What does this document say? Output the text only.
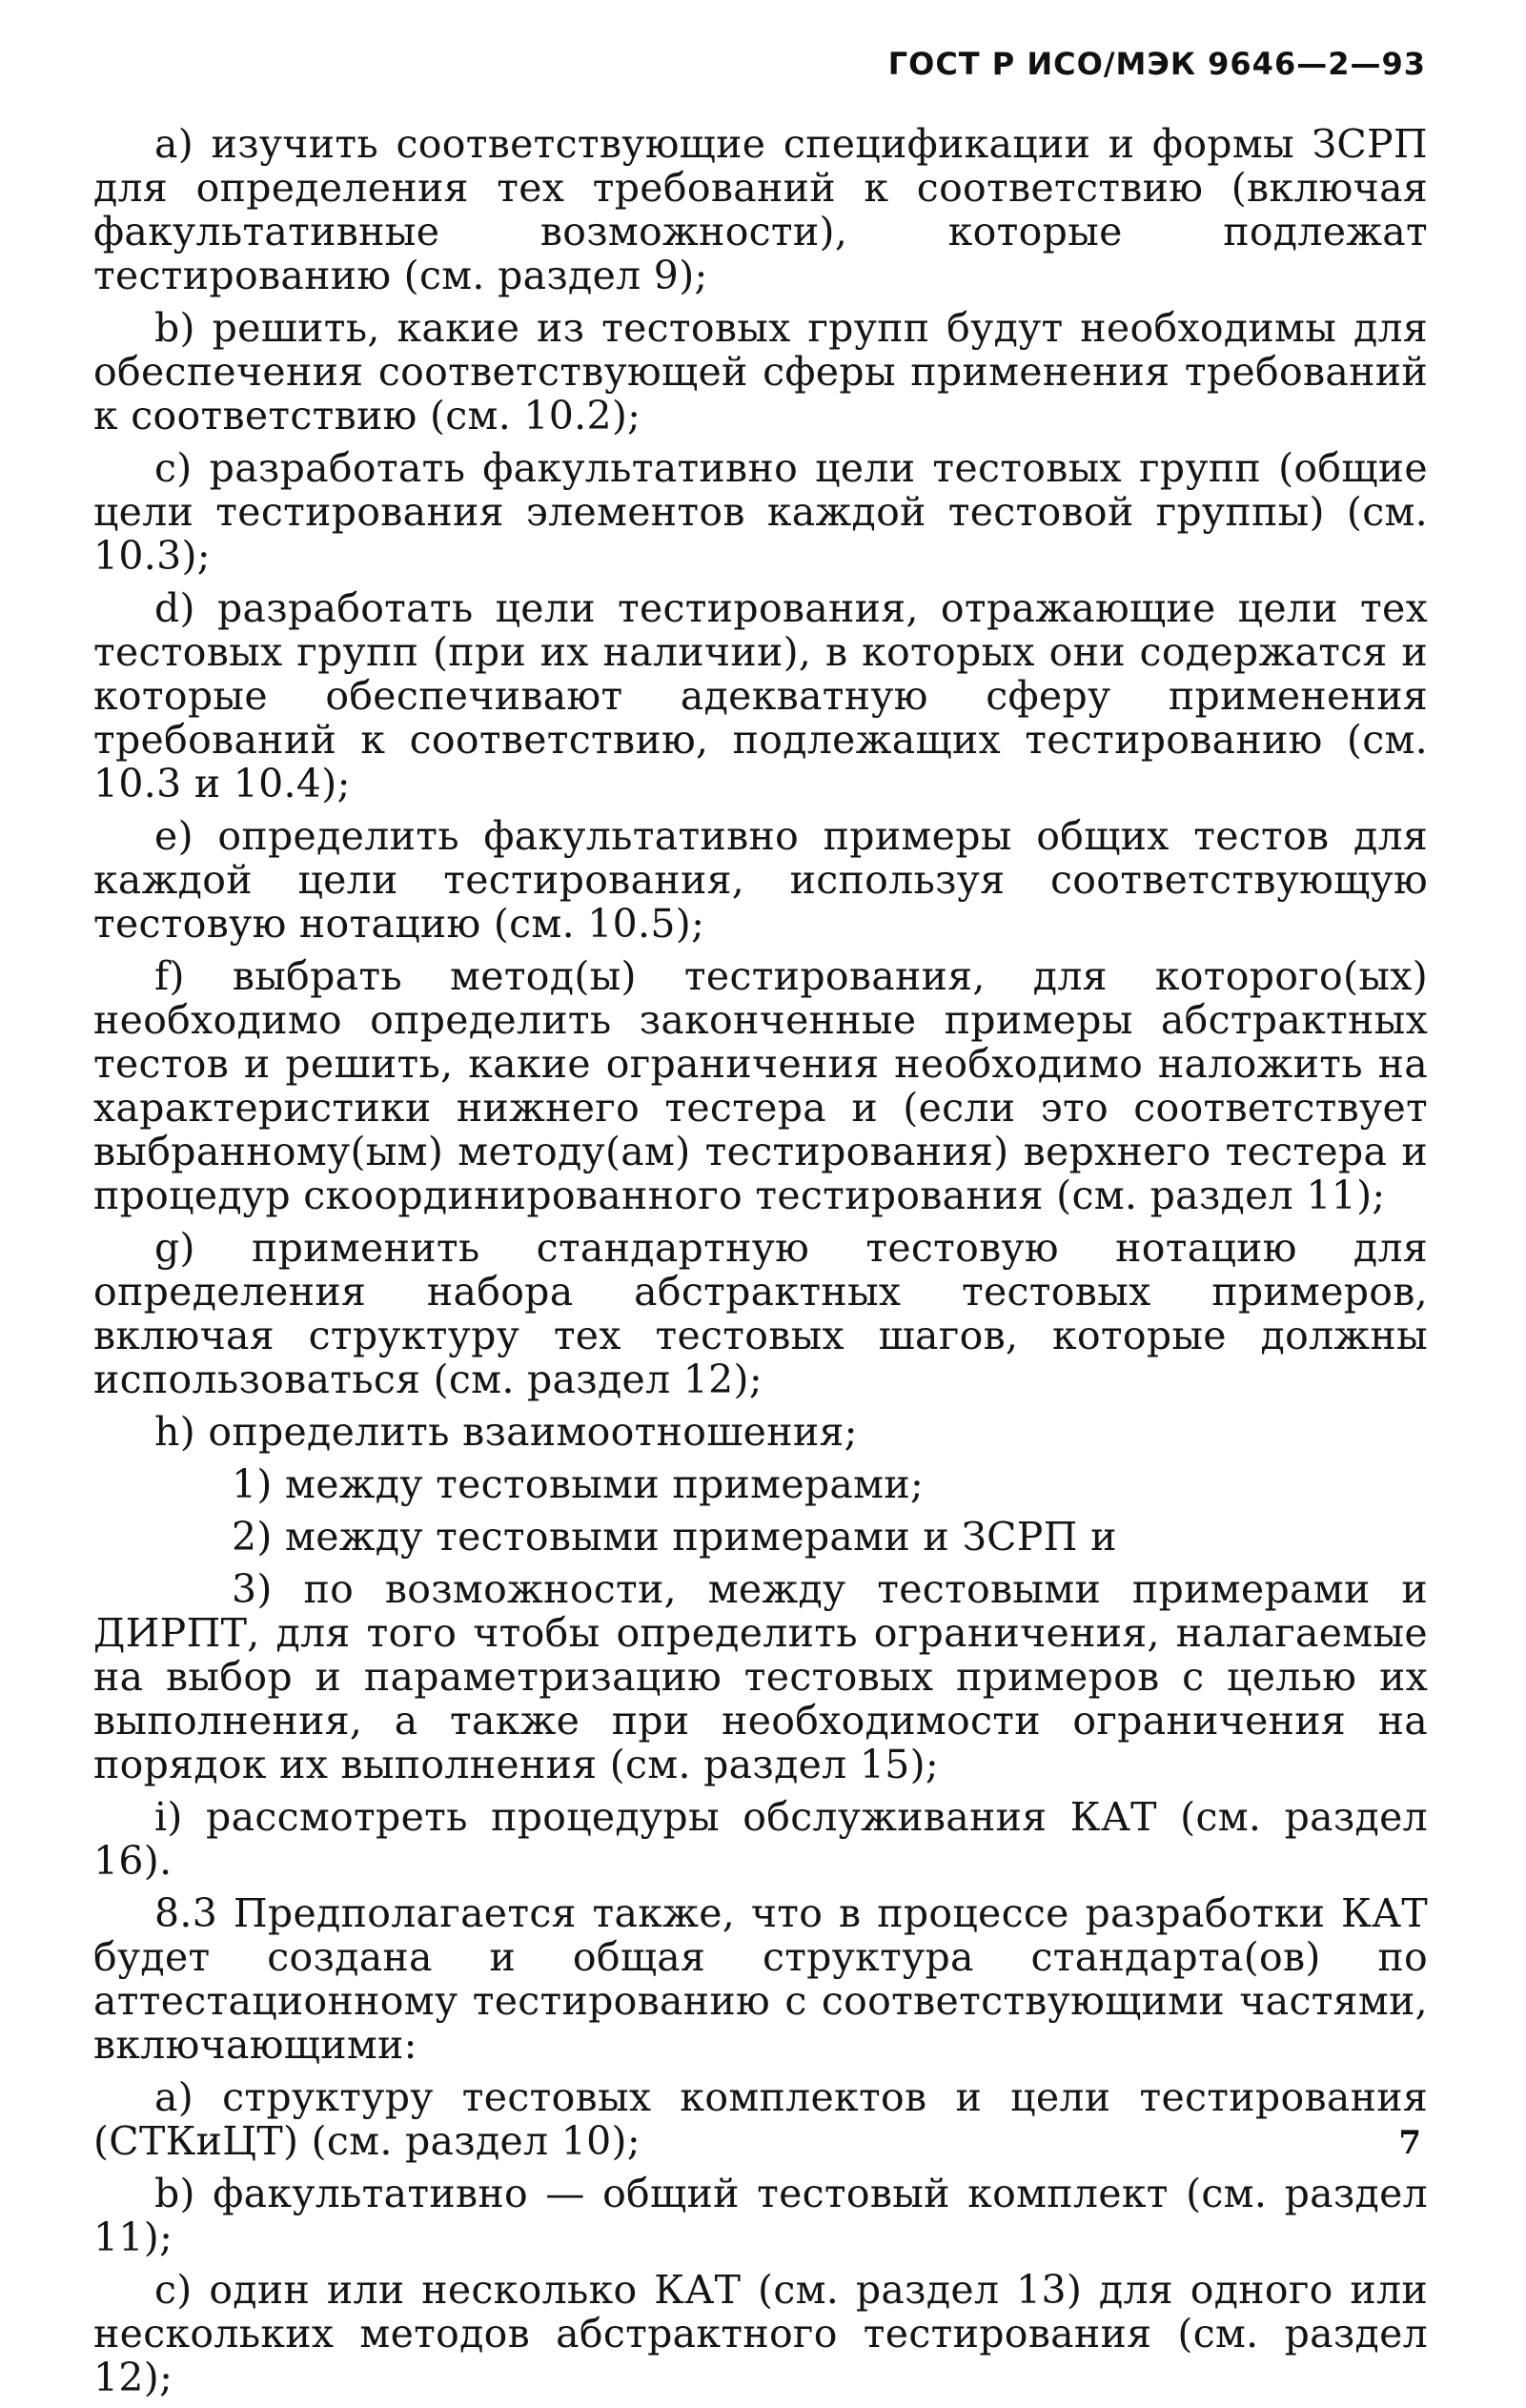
ГОСТ Р ИСО/МЭК 9646—2—93

а) изучить соответствующие спецификации и формы ЗСРП для определения тех требований к соответствию (включая факультативные возможности), которые подлежат тестированию (см. раздел 9);

b) решить, какие из тестовых групп будут необходимы для обеспечения соответствующей сферы применения требований к соответствию (см. 10.2);

c) разработать факультативно цели тестовых групп (общие цели тестирования элементов каждой тестовой группы) (см. 10.3);

d) разработать цели тестирования, отражающие цели тех тестовых групп (при их наличии), в которых они содержатся и которые обеспечивают адекватную сферу применения требований к соответствию, подлежащих тестированию (см. 10.3 и 10.4);

е) определить факультативно примеры общих тестов для каждой цели тестирования, используя соответствующую тестовую нотацию (см. 10.5);

f) выбрать метод(ы) тестирования, для которого(ых) необходимо определить законченные примеры абстрактных тестов и решить, какие ограничения необходимо наложить на характеристики нижнего тестера и (если это соответствует выбранному(ым) методу(ам) тестирования) верхнего тестера и процедур скоординированного тестирования (см. раздел 11);

g) применить стандартную тестовую нотацию для определения набора абстрактных тестовых примеров, включая структуру тех тестовых шагов, которые должны использоваться (см. раздел 12);

h) определить взаимоотношения;

1) между тестовыми примерами;

2) между тестовыми примерами и ЗСРП и

3) по возможности, между тестовыми примерами и ДИРПТ, для того чтобы определить ограничения, налагаемые на выбор и параметризацию тестовых примеров с целью их выполнения, а также при необходимости ограничения на порядок их выполнения (см. раздел 15);

i) рассмотреть процедуры обслуживания КАТ (см. раздел 16).

8.3 Предполагается также, что в процессе разработки КАТ будет создана и общая структура стандарта(ов) по аттестационному тестированию с соответствующими частями, включающими:

а) структуру тестовых комплектов и цели тестирования (СТКиЦТ) (см. раздел 10);

b) факультативно — общий тестовый комплект (см. раздел 11);

c) один или несколько КАТ (см. раздел 13) для одного или нескольких методов абстрактного тестирования (см. раздел 12);

7
